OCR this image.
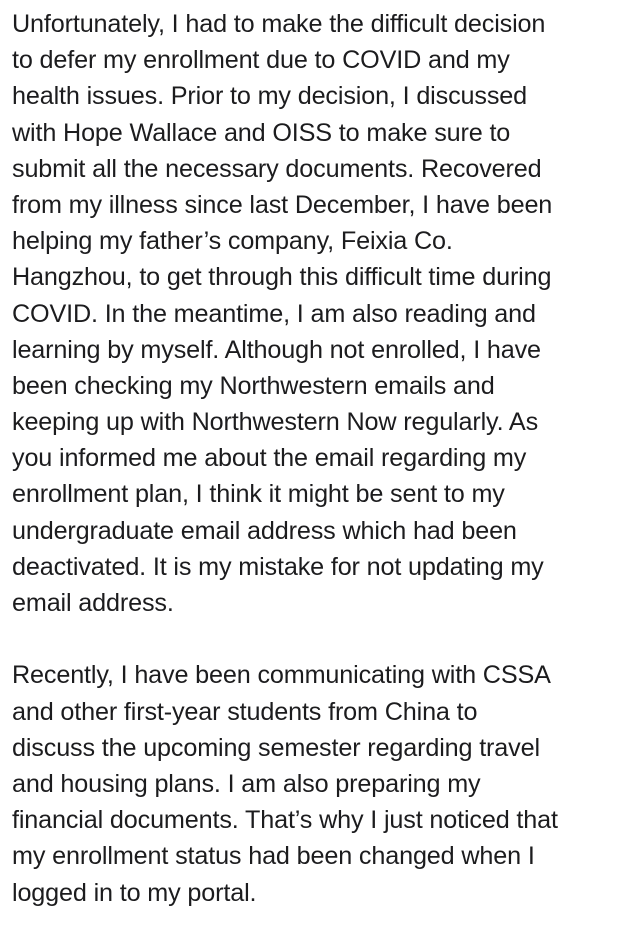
Unfortunately, I had to make the difficult decision
to defer my enrollment due to COVID and my
health issues. Prior to my decision, I discussed
with Hope Wallace and OISS to make sure to
submit all the necessary documents. Recovered
from my illness since last December, I have been
helping my father’s company, Feixia Co.
Hangzhou, to get through this difficult time during
COVID. In the meantime, I am also reading and
learning by myself. Although not enrolled, I have
been checking my Northwestern emails and
keeping up with Northwestern Now regularly. As
you informed me about the email regarding my
enrollment plan, I think it might be sent to my
undergraduate email address which had been
deactivated. It is my mistake for not updating my
email address.
Recently, I have been communicating with CSSA
and other first-year students from China to
discuss the upcoming semester regarding travel
and housing plans. I am also preparing my
financial documents. That’s why I just noticed that
my enrollment status had been changed when I
logged in to my portal.
